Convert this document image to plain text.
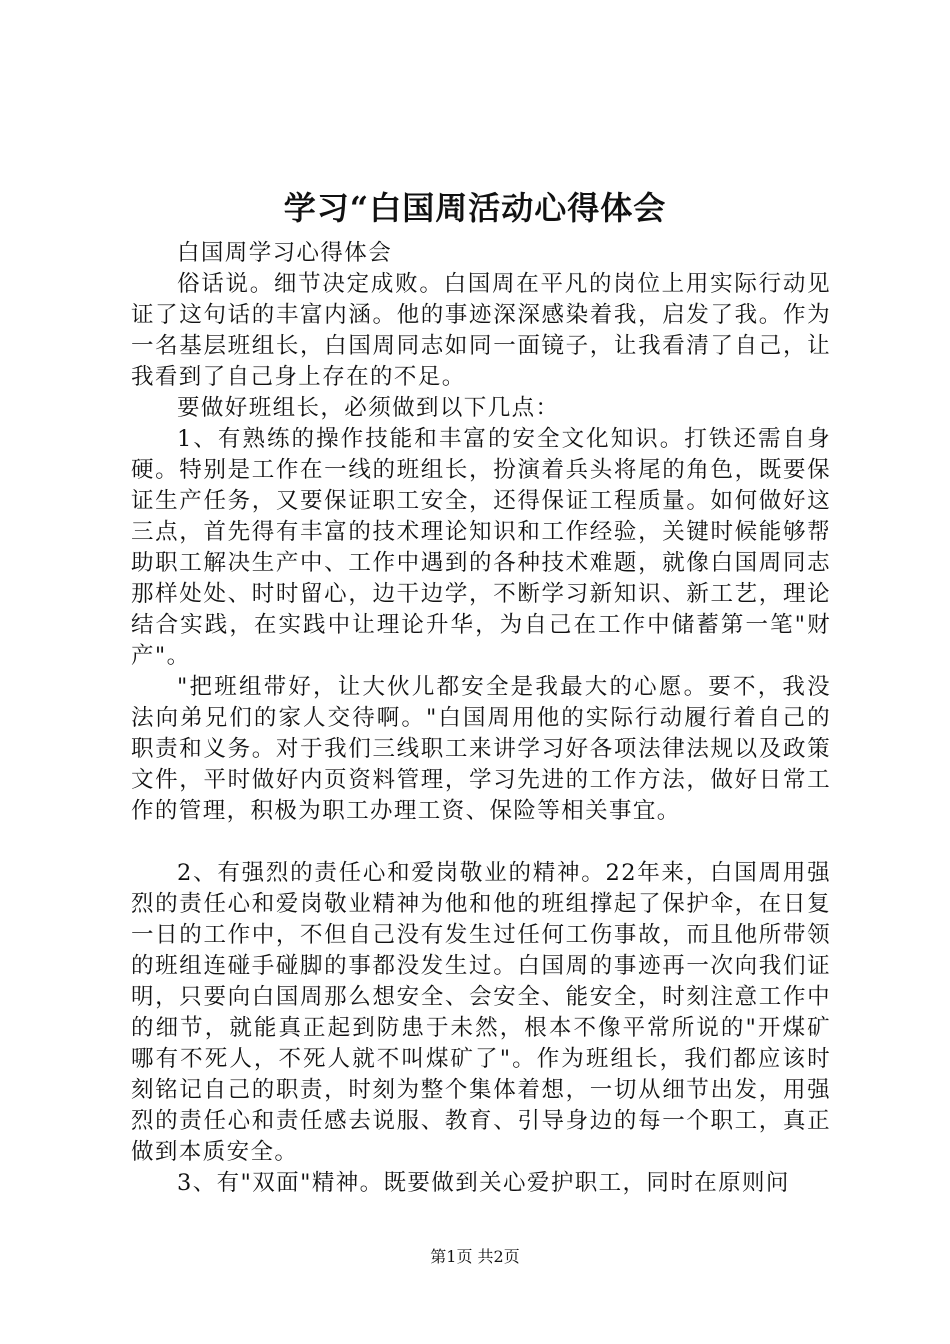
学习“白国周活动心得体会

白国周学习心得体会

俗话说。细节决定成败。白国周在平凡的岗位上用实际行动见证了这句话的丰富内涵。他的事迹深深感染着我，启发了我。作为一名基层班组长，白国周同志如同一面镜子，让我看清了自己，让我看到了自己身上存在的不足。

要做好班组长，必须做到以下几点：

1、有熟练的操作技能和丰富的安全文化知识。打铁还需自身硬。特别是工作在一线的班组长，扮演着兵头将尾的角色，既要保证生产任务，又要保证职工安全，还得保证工程质量。如何做好这三点，首先得有丰富的技术理论知识和工作经验，关键时候能够帮助职工解决生产中、工作中遇到的各种技术难题，就像白国周同志那样处处、时时留心，边干边学，不断学习新知识、新工艺，理论结合实践，在实践中让理论升华，为自己在工作中储蓄第一笔"财产"。

"把班组带好，让大伙儿都安全是我最大的心愿。要不，我没法向弟兄们的家人交待啊。"白国周用他的实际行动履行着自己的职责和义务。对于我们三线职工来讲学习好各项法律法规以及政策文件，平时做好内页资料管理，学习先进的工作方法，做好日常工作的管理，积极为职工办理工资、保险等相关事宜。

2、有强烈的责任心和爱岗敬业的精神。22年来，白国周用强烈的责任心和爱岗敬业精神为他和他的班组撑起了保护伞，在日复一日的工作中，不但自己没有发生过任何工伤事故，而且他所带领的班组连碰手碰脚的事都没发生过。白国周的事迹再一次向我们证明，只要向白国周那么想安全、会安全、能安全，时刻注意工作中的细节，就能真正起到防患于未然，根本不像平常所说的"开煤矿哪有不死人，不死人就不叫煤矿了"。作为班组长，我们都应该时刻铭记自己的职责，时刻为整个集体着想，一切从细节出发，用强烈的责任心和责任感去说服、教育、引导身边的每一个职工，真正做到本质安全。

3、有"双面"精神。既要做到关心爱护职工，同时在原则问

第1页 共2页
